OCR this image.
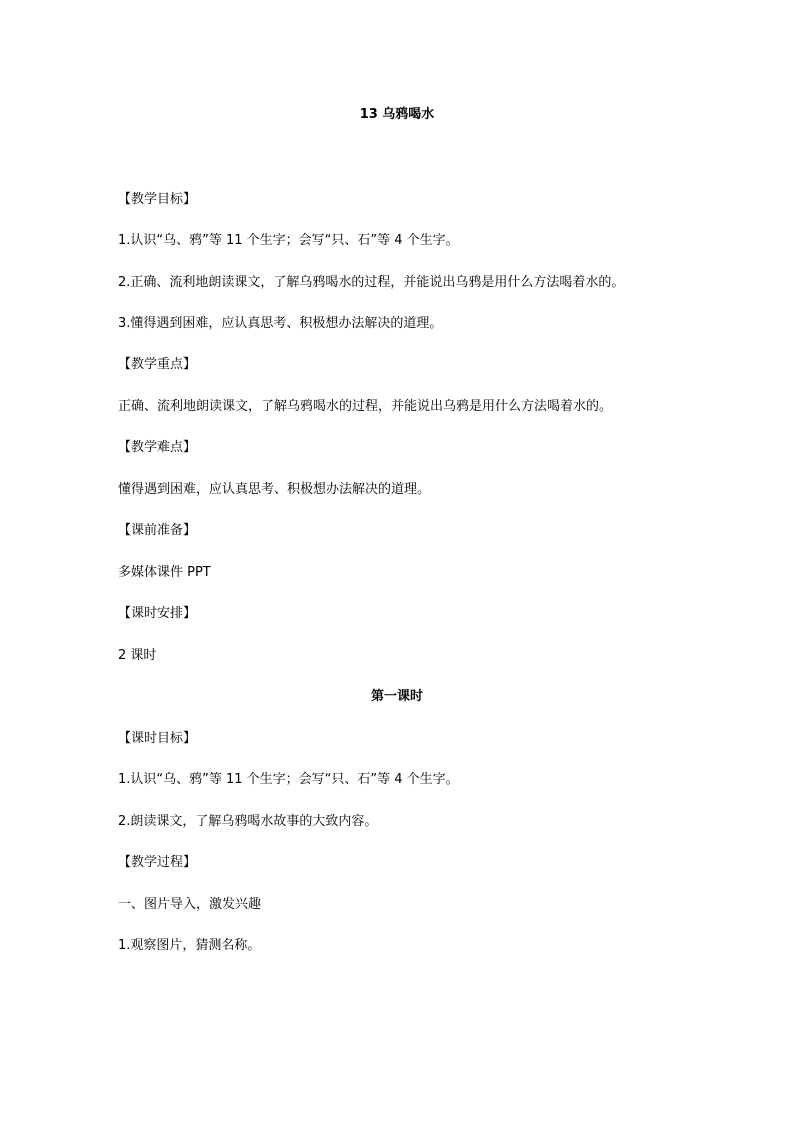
13 乌鸦喝水
【教学目标】
1.认识“乌、鸦”等 11 个生字；会写“只、石”等 4 个生字。
2.正确、流利地朗读课文，了解乌鸦喝水的过程，并能说出乌鸦是用什么方法喝着水的。
3.懂得遇到困难，应认真思考、积极想办法解决的道理。
【教学重点】
正确、流利地朗读课文，了解乌鸦喝水的过程，并能说出乌鸦是用什么方法喝着水的。
【教学难点】
懂得遇到困难，应认真思考、积极想办法解决的道理。
【课前准备】
多媒体课件 PPT
【课时安排】
2 课时
第一课时
【课时目标】
1.认识“乌、鸦”等 11 个生字；会写“只、石”等 4 个生字。
2.朗读课文，了解乌鸦喝水故事的大致内容。
【教学过程】
一、图片导入，激发兴趣
1.观察图片，猜测名称。
